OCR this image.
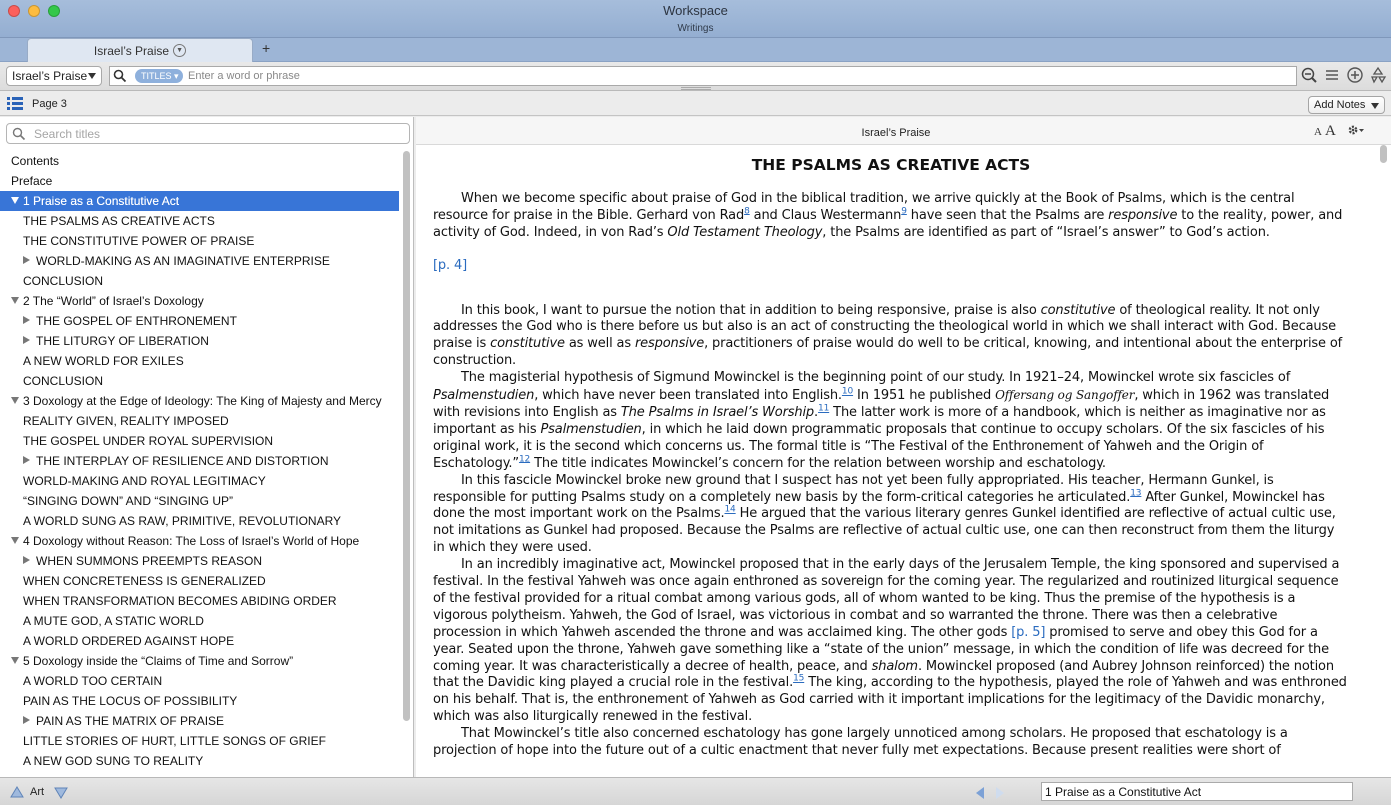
Workspace
Writings
Israel’s Praise	▼	+
Israel’s Praise	TITLES ▾
Enter a word or phrase
Page 3	Add Notes
Search titles
Contents
Preface
1 Praise as a Constitutive Act
THE PSALMS AS CREATIVE ACTS
THE CONSTITUTIVE POWER OF PRAISE
WORLD-MAKING AS AN IMAGINATIVE ENTERPRISE
CONCLUSION
2 The “World” of Israel’s Doxology
THE GOSPEL OF ENTHRONEMENT
THE LITURGY OF LIBERATION
A NEW WORLD FOR EXILES
CONCLUSION
3 Doxology at the Edge of Ideology: The King of Majesty and Mercy
REALITY GIVEN, REALITY IMPOSED
THE GOSPEL UNDER ROYAL SUPERVISION
THE INTERPLAY OF RESILIENCE AND DISTORTION
WORLD-MAKING AND ROYAL LEGITIMACY
“SINGING DOWN” AND “SINGING UP”
A WORLD SUNG AS RAW, PRIMITIVE, REVOLUTIONARY
4 Doxology without Reason: The Loss of Israel’s World of Hope
WHEN SUMMONS PREEMPTS REASON
WHEN CONCRETENESS IS GENERALIZED
WHEN TRANSFORMATION BECOMES ABIDING ORDER
A MUTE GOD, A STATIC WORLD
A WORLD ORDERED AGAINST HOPE
5 Doxology inside the “Claims of Time and Sorrow”
A WORLD TOO CERTAIN
PAIN AS THE LOCUS OF POSSIBILITY
PAIN AS THE MATRIX OF PRAISE
LITTLE STORIES OF HURT, LITTLE SONGS OF GRIEF
A NEW GOD SUNG TO REALITY
Israel’s Praise	A A
THE PSALMS AS CREATIVE ACTS

When we become specific about praise of God in the biblical tradition, we arrive quickly at the Book of Psalms, which is the central resource for praise in the Bible. Gerhard von Rad$^8$ and Claus Westermann$^9$ have seen that the Psalms are responsive to the reality, power, and activity of God. Indeed, in von Rad’s Old Testament Theology, the Psalms are identified as part of “Israel’s answer” to God’s action.

[p. 4]

In this book, I want to pursue the notion that in addition to being responsive, praise is also constitutive of theological reality. It not only addresses the God who is there before us but also is an act of constructing the theological world in which we shall interact with God. Because praise is constitutive as well as responsive, practitioners of praise would do well to be critical, knowing, and intentional about the enterprise of construction.

The magisterial hypothesis of Sigmund Mowinckel is the beginning point of our study. In 1921–24, Mowinckel wrote six fascicles of Psalmenstudien, which have never been translated into English.$^{10}$ In 1951 he published Offersang og Sangoffer, which in 1962 was translated with revisions into English as The Psalms in Israel’s Worship.$^{11}$ The latter work is more of a handbook, which is neither as imaginative nor as important as his Psalmenstudien, in which he laid down programmatic proposals that continue to occupy scholars. Of the six fascicles of his original work, it is the second which concerns us. The formal title is “The Festival of the Enthronement of Yahweh and the Origin of Eschatology.”$^{12}$ The title indicates Mowinckel’s concern for the relation between worship and eschatology.

In this fascicle Mowinckel broke new ground that I suspect has not yet been fully appropriated. His teacher, Hermann Gunkel, is responsible for putting Psalms study on a completely new basis by the form-critical categories he articulated.$^{13}$ After Gunkel, Mowinckel has done the most important work on the Psalms.$^{14}$ He argued that the various literary genres Gunkel identified are reflective of actual cultic use, not imitations as Gunkel had proposed. Because the Psalms are reflective of actual cultic use, one can then reconstruct from them the liturgy in which they were used.

In an incredibly imaginative act, Mowinckel proposed that in the early days of the Jerusalem Temple, the king sponsored and supervised a festival. In the festival Yahweh was once again enthroned as sovereign for the coming year. The regularized and routinized liturgical sequence of the festival provided for a ritual combat among various gods, all of whom wanted to be king. Thus the premise of the hypothesis is a vigorous polytheism. Yahweh, the God of Israel, was victorious in combat and so warranted the throne. There was then a celebrative procession in which Yahweh ascended the throne and was acclaimed king. The other gods [p. 5] promised to serve and obey this God for a year. Seated upon the throne, Yahweh gave something like a “state of the union” message, in which the condition of life was decreed for the coming year. It was characteristically a decree of health, peace, and shalom. Mowinckel proposed (and Aubrey Johnson reinforced) the notion that the Davidic king played a crucial role in the festival.$^{15}$ The king, according to the hypothesis, played the role of Yahweh and was enthroned on his behalf. That is, the enthronement of Yahweh as God carried with it important implications for the legitimacy of the Davidic monarchy, which was also liturgically renewed in the festival.

That Mowinckel’s title also concerned eschatology has gone largely unnoticed among scholars. He proposed that eschatology is a projection of hope into the future out of a cultic enactment that never fully met expectations. Because present realities were short of

Art	1 Praise as a Constitutive Act
